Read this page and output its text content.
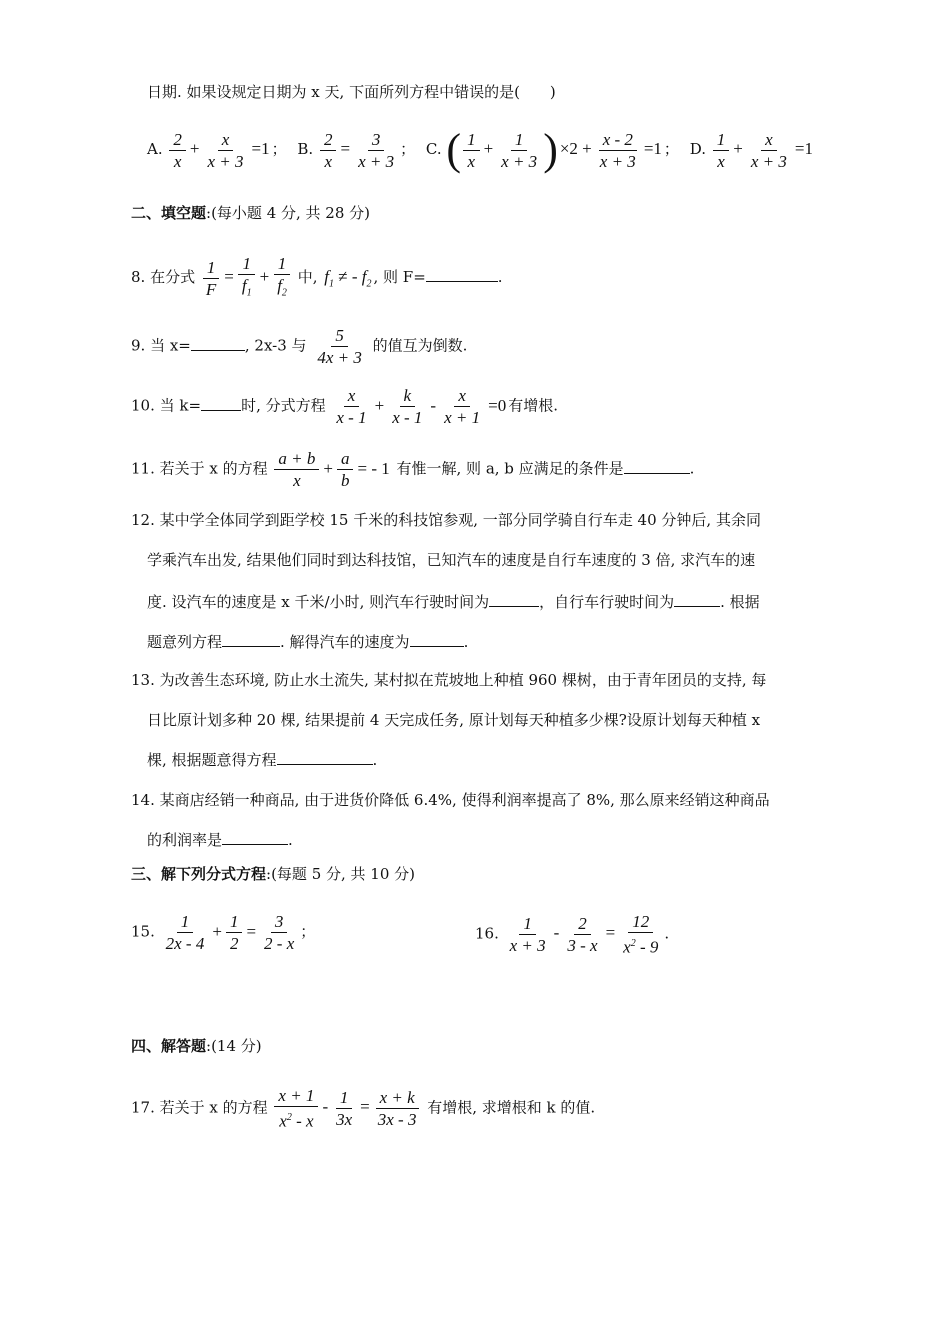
日期. 如果设规定日期为 x 天, 下面所列方程中错误的是(　　)
A. $\frac{2}{x} + \frac{x}{x + 3} =1$ ； B. $\frac{2}{x} = \frac{3}{x + 3}$ ； C. ( $\frac{1}{x} + \frac{1}{x + 3}$ ) $\times 2 + \frac{x - 2}{x + 3} =1$ ； D. $\frac{1}{x} + \frac{x}{x + 3} =1$
二、填空题:(每小题 4 分, 共 28 分)
8. 在分式 $\frac{1}{F} = \frac{1}{f_1} + \frac{1}{f_2}$ 中, $f_1$ ≠ - $f_2$ , 则 F=	.
9. 当 x=	, 2x-3 与 $\frac{5}{4x + 3}$ 的值互为倒数.
10. 当 k=	时, 分式方程 $\frac{x}{x - 1} + \frac{k}{x - 1} - \frac{x}{x + 1} =0$ 有增根.
11. 若关于 x 的方程 $\frac{a + b}{x} + \frac{a}{b}$ = - 1 有惟一解, 则 a, b 应满足的条件是	.
12. 某中学全体同学到距学校 15 千米的科技馆参观, 一部分同学骑自行车走 40 分钟后, 其余同
学乘汽车出发, 结果他们同时到达科技馆，已知汽车的速度是自行车速度的 3 倍, 求汽车的速
度. 设汽车的速度是 x 千米/小时, 则汽车行驶时间为	，自行车行驶时间为	. 根据
题意列方程	. 解得汽车的速度为	.
13. 为改善生态环境, 防止水土流失, 某村拟在荒坡地上种植 960 棵树，由于青年团员的支持, 每
日比原计划多种 20 棵, 结果提前 4 天完成任务, 原计划每天种植多少棵?设原计划每天种植 x
棵, 根据题意得方程	.
14. 某商店经销一种商品, 由于进货价降低 6.4%, 使得利润率提高了 8%, 那么原来经销这种商品
的利润率是	.
三、解下列分式方程:(每题 5 分, 共 10 分)
15. $\frac{1}{2x - 4} + \frac{1}{2} = \frac{3}{2 - x}$ ；	16. $\frac{1}{x + 3} - \frac{2}{3 - x} = \frac{12}{x^2 - 9}$ .
四、解答题:(14 分)
17. 若关于 x 的方程 $\frac{x + 1}{x^2 - x} - \frac{1}{3x} = \frac{x + k}{3x - 3}$ 有增根, 求增根和 k 的值.
